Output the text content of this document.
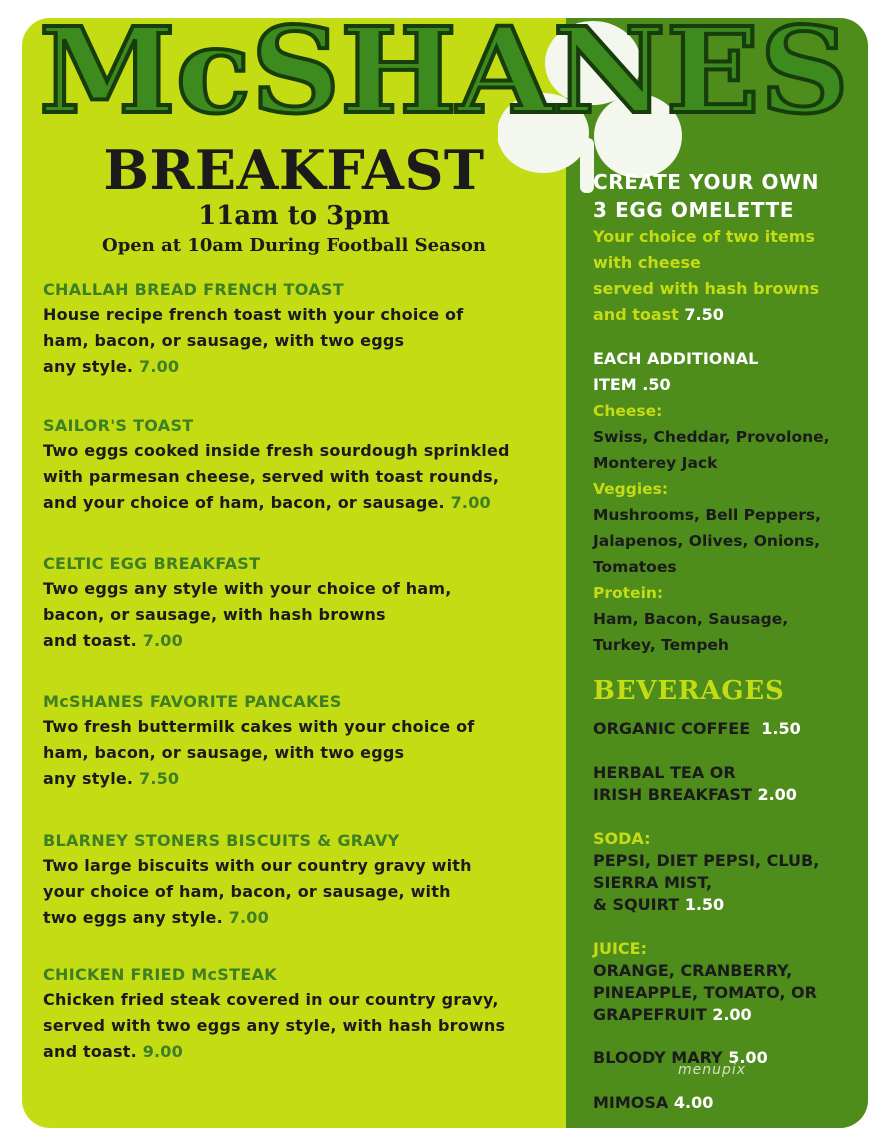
McSHANES
BREAKFAST
11am to 3pm
Open at 10am During Football Season
CHALLAH BREAD FRENCH TOAST
House recipe french toast with your choice of
ham, bacon, or sausage, with two eggs
any style. 7.00
SAILOR'S TOAST
Two eggs cooked inside fresh sourdough sprinkled
with parmesan cheese, served with toast rounds,
and your choice of ham, bacon, or sausage. 7.00
CELTIC EGG BREAKFAST
Two eggs any style with your choice of ham,
bacon, or sausage, with hash browns
and toast. 7.00
McSHANES FAVORITE PANCAKES
Two fresh buttermilk cakes with your choice of
ham, bacon, or sausage, with two eggs
any style. 7.50
BLARNEY STONERS BISCUITS & GRAVY
Two large biscuits with our country gravy with
your choice of ham, bacon, or sausage, with
two eggs any style. 7.00
CHICKEN FRIED McSTEAK
Chicken fried steak covered in our country gravy,
served with two eggs any style, with hash browns
and toast. 9.00
CREATE YOUR OWN
3 EGG OMELETTE
Your choice of two items
with cheese
served with hash browns
and toast 7.50
EACH ADDITIONAL
ITEM .50
Cheese:
Swiss, Cheddar, Provolone,
Monterey Jack
Veggies:
Mushrooms, Bell Peppers,
Jalapenos, Olives, Onions,
Tomatoes
Protein:
Ham, Bacon, Sausage,
Turkey, Tempeh
BEVERAGES
ORGANIC COFFEE 1.50
HERBAL TEA OR
IRISH BREAKFAST 2.00
SODA:
PEPSI, DIET PEPSI, CLUB,
SIERRA MIST,
& SQUIRT 1.50
JUICE:
ORANGE, CRANBERRY,
PINEAPPLE, TOMATO, OR
GRAPEFRUIT 2.00
BLOODY MARY 5.00
MIMOSA 4.00
menupix
